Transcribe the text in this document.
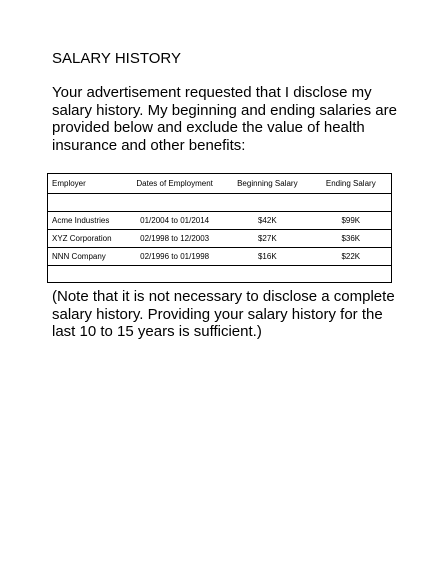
SALARY HISTORY

Your advertisement requested that I disclose my salary history. My beginning and ending salaries are provided below and exclude the value of health insurance and other benefits:

Employer	Dates of Employment	Beginning Salary	Ending Salary

Acme Industries	01/2004 to 01/2014	$42K	$99K
XYZ Corporation	02/1998 to 12/2003	$27K	$36K
NNN Company	02/1996 to 01/1998	$16K	$22K

(Note that it is not necessary to disclose a complete salary history. Providing your salary history for the last 10 to 15 years is sufficient.)
